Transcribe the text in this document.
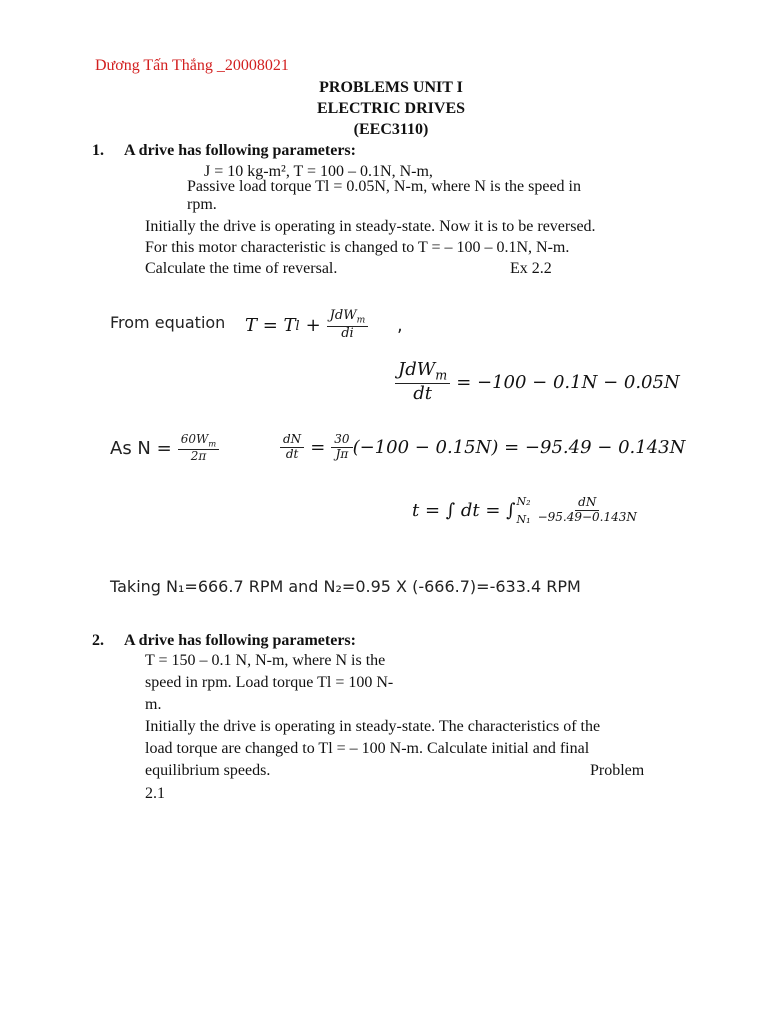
Dương Tấn Thắng _20008021
PROBLEMS UNIT I
ELECTRIC DRIVES
(EEC3110)
1. A drive has following parameters:
J = 10 kg-m², T = 100 – 0.1N, N-m,
Passive load torque Tl = 0.05N, N-m, where N is the speed in
rpm.
Initially the drive is operating in steady-state. Now it is to be reversed.
For this motor characteristic is changed to T = – 100 – 0.1N, N-m.
Calculate the time of reversal.	Ex 2.2
From equation T = T $l + \frac{JdW_m}{di}$ ,
$\frac{JdW_m}{dt} = -100 - 0.1N - 0.05N$
As $N = \frac{60W_m}{2\pi}$	$\frac{dN}{dt} = \frac{30}{J\pi} (-100 - 0.15N) = -95.49 - 0.143N$
t = ∫ dt = ∫ N₂
$N_1 \frac{dN}{-95.49-0.143N}$
Taking N₁=666.7 RPM and N₂=0.95 X (-666.7)=-633.4 RPM
2. A drive has following parameters:
T = 150 – 0.1 N, N-m, where N is the
speed in rpm. Load torque Tl = 100 N-
m.
Initially the drive is operating in steady-state. The characteristics of the
load torque are changed to Tl = – 100 N-m. Calculate initial and final
equilibrium speeds.	Problem
2.1
